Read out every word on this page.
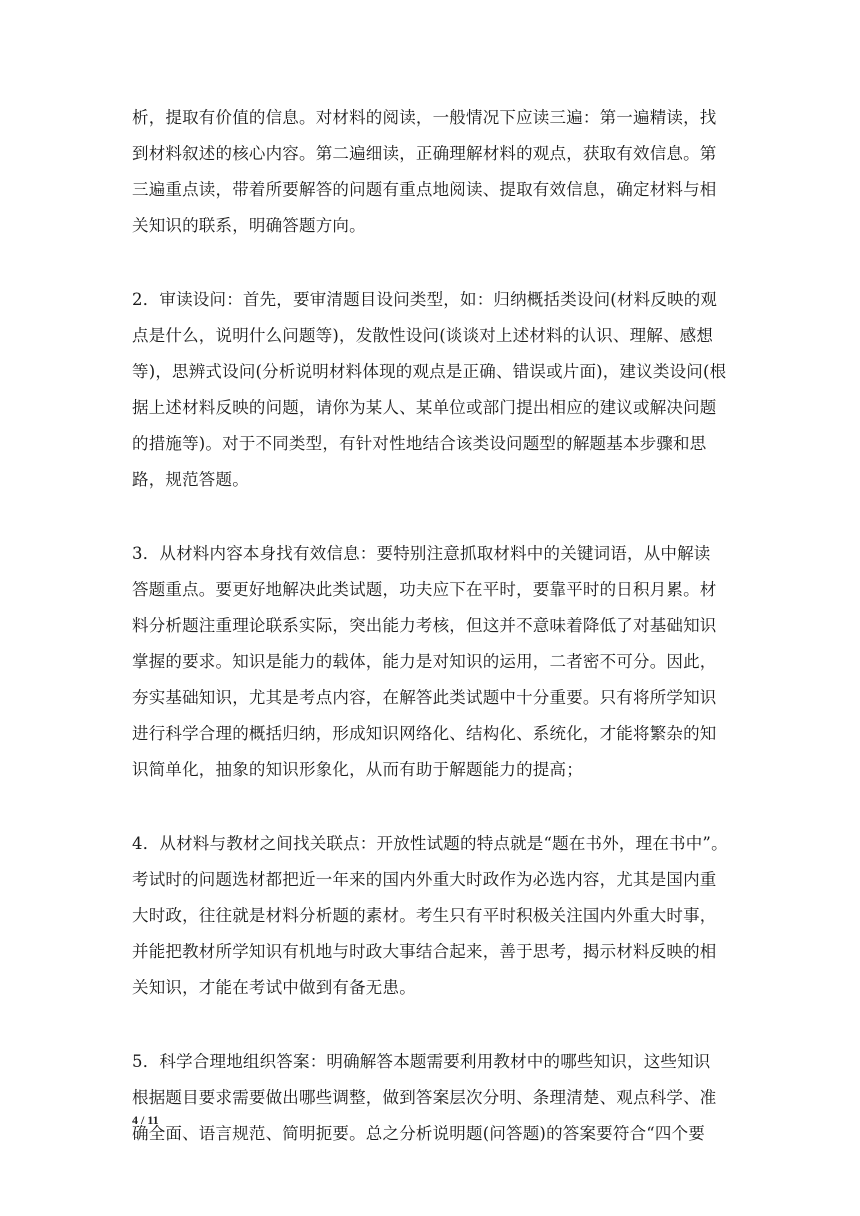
析，提取有价值的信息。对材料的阅读，一般情况下应读三遍：第一遍精读，找
到材料叙述的核心内容。第二遍细读，正确理解材料的观点，获取有效信息。第
三遍重点读，带着所要解答的问题有重点地阅读、提取有效信息，确定材料与相
关知识的联系，明确答题方向。
2．审读设问：首先，要审清题目设问类型，如：归纳概括类设问(材料反映的观
点是什么，说明什么问题等)，发散性设问(谈谈对上述材料的认识、理解、感想
等)，思辨式设问(分析说明材料体现的观点是正确、错误或片面)，建议类设问(根
据上述材料反映的问题，请你为某人、某单位或部门提出相应的建议或解决问题
的措施等)。对于不同类型，有针对性地结合该类设问题型的解题基本步骤和思
路，规范答题。
3．从材料内容本身找有效信息：要特别注意抓取材料中的关键词语，从中解读
答题重点。要更好地解决此类试题，功夫应下在平时，要靠平时的日积月累。材
料分析题注重理论联系实际，突出能力考核，但这并不意味着降低了对基础知识
掌握的要求。知识是能力的载体，能力是对知识的运用，二者密不可分。因此，
夯实基础知识，尤其是考点内容，在解答此类试题中十分重要。只有将所学知识
进行科学合理的概括归纳，形成知识网络化、结构化、系统化，才能将繁杂的知
识简单化，抽象的知识形象化，从而有助于解题能力的提高；
4．从材料与教材之间找关联点：开放性试题的特点就是“题在书外，理在书中”。
考试时的问题选材都把近一年来的国内外重大时政作为必选内容，尤其是国内重
大时政，往往就是材料分析题的素材。考生只有平时积极关注国内外重大时事，
并能把教材所学知识有机地与时政大事结合起来，善于思考，揭示材料反映的相
关知识，才能在考试中做到有备无患。
5．科学合理地组织答案：明确解答本题需要利用教材中的哪些知识，这些知识
根据题目要求需要做出哪些调整，做到答案层次分明、条理清楚、观点科学、准
确全面、语言规范、简明扼要。总之分析说明题(问答题)的答案要符合“四个要
4 / 11
